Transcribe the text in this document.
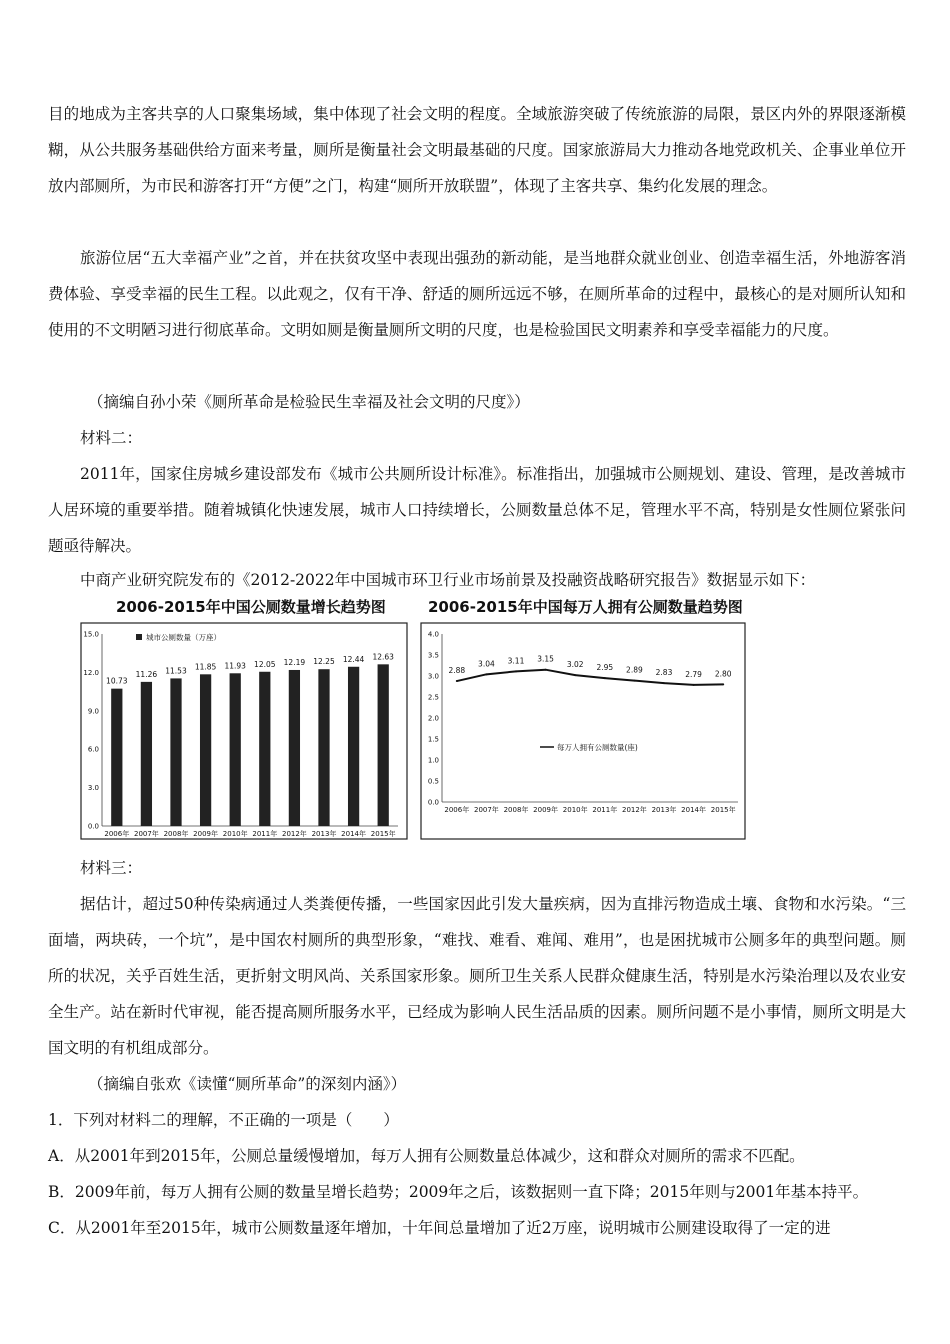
目的地成为主客共享的人口聚集场域，集中体现了社会文明的程度。全域旅游突破了传统旅游的局限，景区内外的界限逐渐模糊，从公共服务基础供给方面来考量，厕所是衡量社会文明最基础的尺度。国家旅游局大力推动各地党政机关、企事业单位开放内部厕所，为市民和游客打开“方便”之门，构建“厕所开放联盟”，体现了主客共享、集约化发展的理念。

旅游位居“五大幸福产业”之首，并在扶贫攻坚中表现出强劲的新动能，是当地群众就业创业、创造幸福生活，外地游客消费体验、享受幸福的民生工程。以此观之，仅有干净、舒适的厕所远远不够，在厕所革命的过程中，最核心的是对厕所认知和使用的不文明陋习进行彻底革命。文明如厕是衡量厕所文明的尺度，也是检验国民文明素养和享受幸福能力的尺度。

（摘编自孙小荣《厕所革命是检验民生幸福及社会文明的尺度》）

材料二：

2011年，国家住房城乡建设部发布《城市公共厕所设计标准》。标准指出，加强城市公厕规划、建设、管理，是改善城市人居环境的重要举措。随着城镇化快速发展，城市人口持续增长，公厕数量总体不足，管理水平不高，特别是女性厕位紧张问题亟待解决。

中商产业研究院发布的《2012-2022年中国城市环卫行业市场前景及投融资战略研究报告》数据显示如下：

2006-2015年中国公厕数量增长趋势图
0.0
3.0
6.0
9.0
12.0
15.0	城市公厕数量（万座）
10.73
2006年
11.26
2007年
11.53
2008年
11.85
2009年
11.93
2010年
12.05
2011年
12.19
2012年
12.25
2013年
12.44
2014年
12.63
2015年
2006-2015年中国每万人拥有公厕数量趋势图
0.0
0.5
1.0
1.5
2.0
2.5
3.0
3.5
4.0
2.88
2006年
3.04
2007年
3.11
2008年
3.15
2009年
3.02
2010年
2.95
2011年
2.89
2012年
2.83
2013年
2.79
2014年
2.80
2015年
每万人拥有公厕数量(座)

材料三：

据估计，超过50种传染病通过人类粪便传播，一些国家因此引发大量疾病，因为直排污物造成土壤、食物和水污染。“三面墙，两块砖，一个坑”，是中国农村厕所的典型形象，“难找、难看、难闻、难用”，也是困扰城市公厕多年的典型问题。厕所的状况，关乎百姓生活，更折射文明风尚、关系国家形象。厕所卫生关系人民群众健康生活，特别是水污染治理以及农业安全生产。站在新时代审视，能否提高厕所服务水平，已经成为影响人民生活品质的因素。厕所问题不是小事情，厕所文明是大国文明的有机组成部分。

（摘编自张欢《读懂“厕所革命”的深刻内涵》）

1．下列对材料二的理解，不正确的一项是（　　）

A．从2001年到2015年，公厕总量缓慢增加，每万人拥有公厕数量总体减少，这和群众对厕所的需求不匹配。

B．2009年前，每万人拥有公厕的数量呈增长趋势；2009年之后，该数据则一直下降；2015年则与2001年基本持平。

C．从2001年至2015年，城市公厕数量逐年增加，十年间总量增加了近2万座，说明城市公厕建设取得了一定的进
